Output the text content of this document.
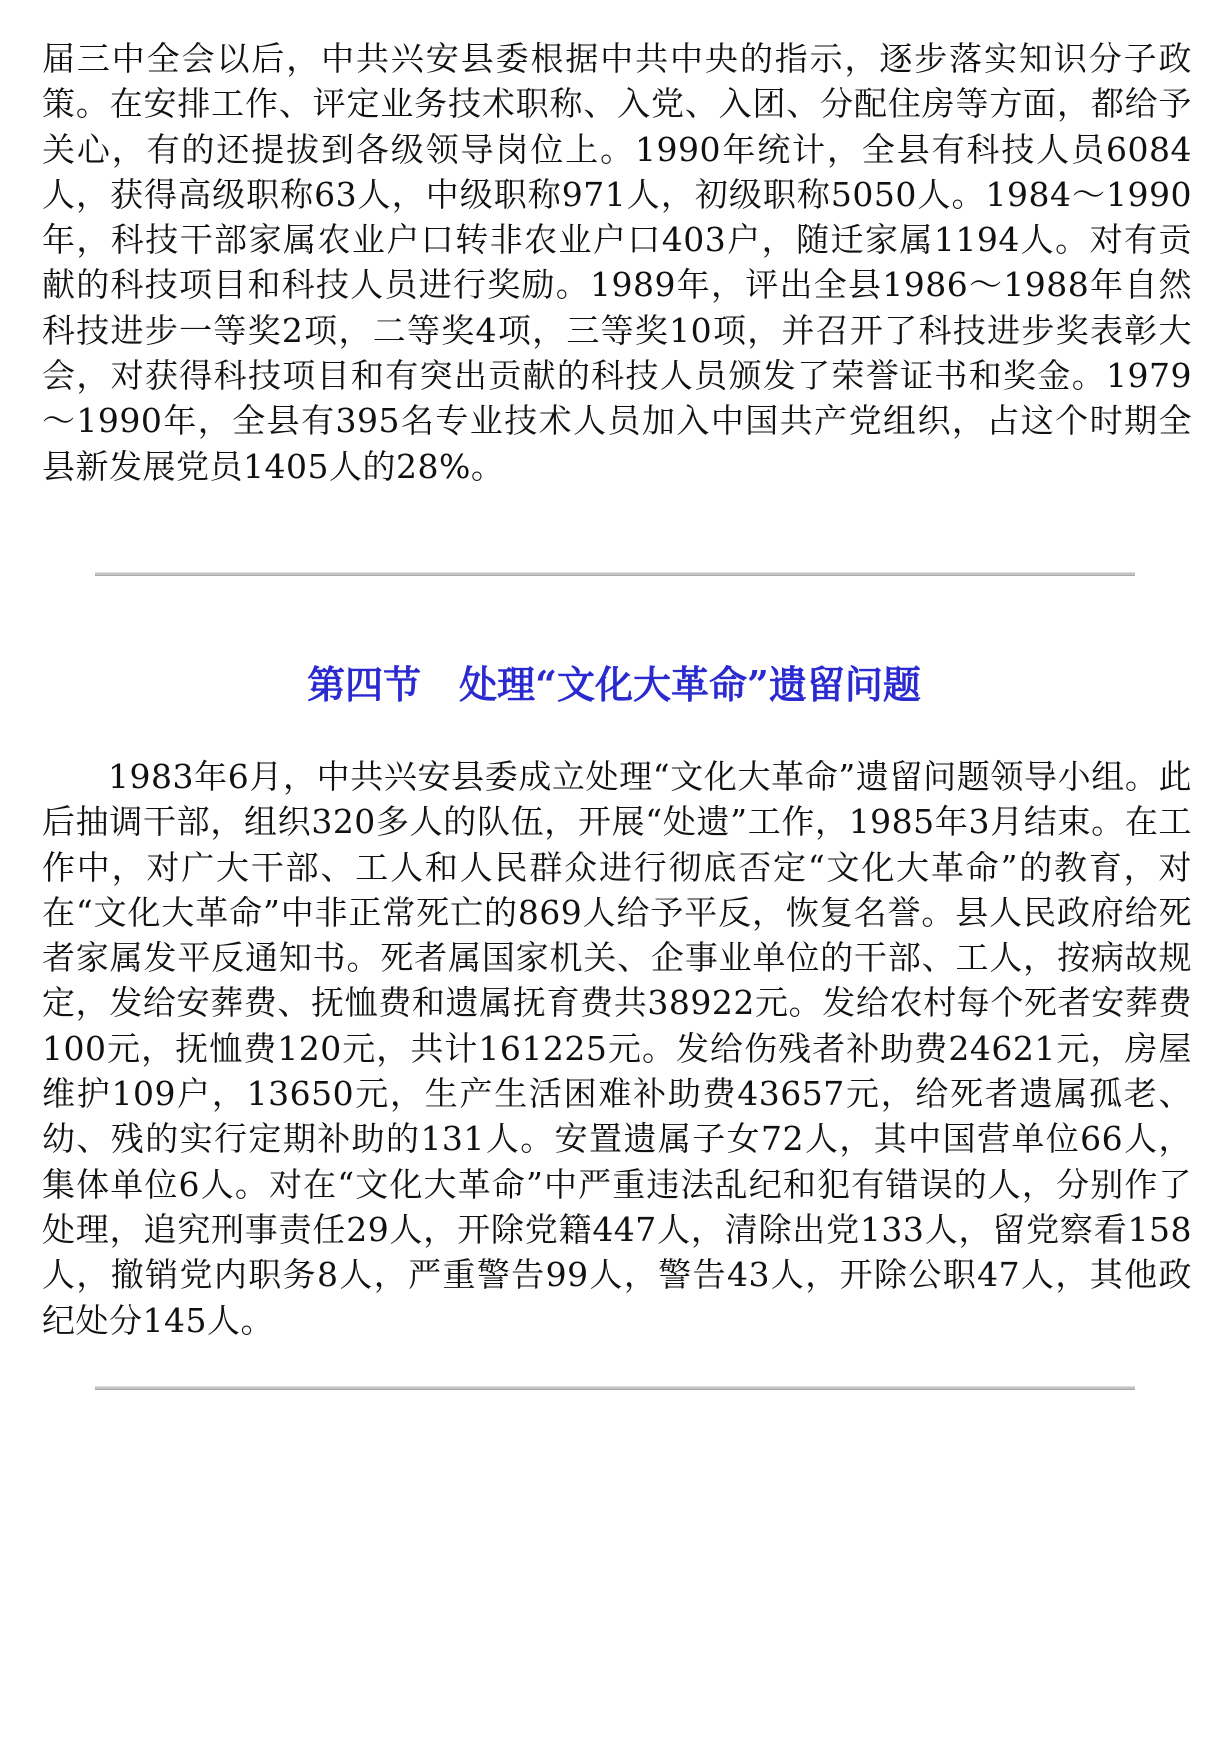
届三中全会以后，中共兴安县委根据中共中央的指示，逐步落实知识分子政策。在安排工作、评定业务技术职称、入党、入团、分配住房等方面，都给予关心，有的还提拔到各级领导岗位上。1990年统计，全县有科技人员6084人，获得高级职称63人，中级职称971人，初级职称5050人。1984～1990年，科技干部家属农业户口转非农业户口403户，随迁家属1194人。对有贡献的科技项目和科技人员进行奖励。1989年，评出全县1986～1988年自然科技进步一等奖2项，二等奖4项，三等奖10项，并召开了科技进步奖表彰大会，对获得科技项目和有突出贡献的科技人员颁发了荣誉证书和奖金。1979～1990年，全县有395名专业技术人员加入中国共产党组织，占这个时期全县新发展党员1405人的28%。

第四节　处理“文化大革命”遗留问题

1983年6月，中共兴安县委成立处理“文化大革命”遗留问题领导小组。此后抽调干部，组织320多人的队伍，开展“处遗”工作，1985年3月结束。在工作中，对广大干部、工人和人民群众进行彻底否定“文化大革命”的教育，对在“文化大革命”中非正常死亡的869人给予平反，恢复名誉。县人民政府给死者家属发平反通知书。死者属国家机关、企事业单位的干部、工人，按病故规定，发给安葬费、抚恤费和遗属抚育费共38922元。发给农村每个死者安葬费100元，抚恤费120元，共计161225元。发给伤残者补助费24621元，房屋维护109户，13650元，生产生活困难补助费43657元，给死者遗属孤老、幼、残的实行定期补助的131人。安置遗属子女72人，其中国营单位66人，集体单位6人。对在“文化大革命”中严重违法乱纪和犯有错误的人，分别作了处理，追究刑事责任29人，开除党籍447人，清除出党133人，留党察看158人，撤销党内职务8人，严重警告99人，警告43人，开除公职47人，其他政纪处分145人。
